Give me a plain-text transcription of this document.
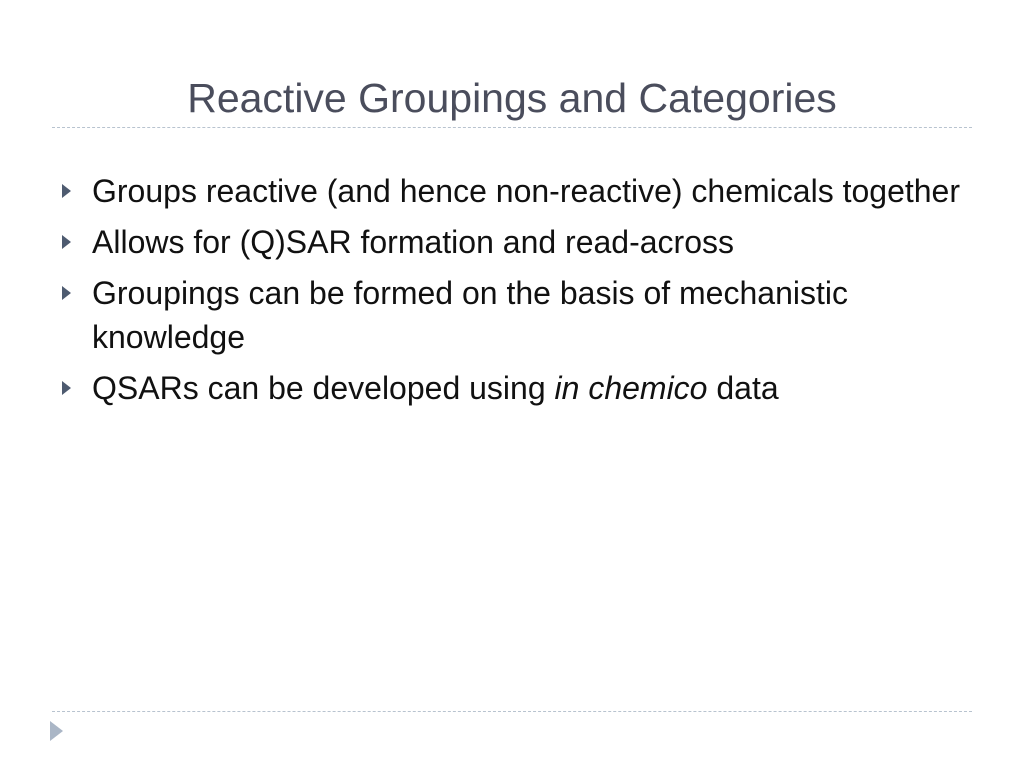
Reactive Groupings and Categories
Groups reactive (and hence non-reactive) chemicals together
Allows for (Q)SAR formation and read-across
Groupings can be formed on the basis of mechanistic knowledge
QSARs can be developed using in chemico data
